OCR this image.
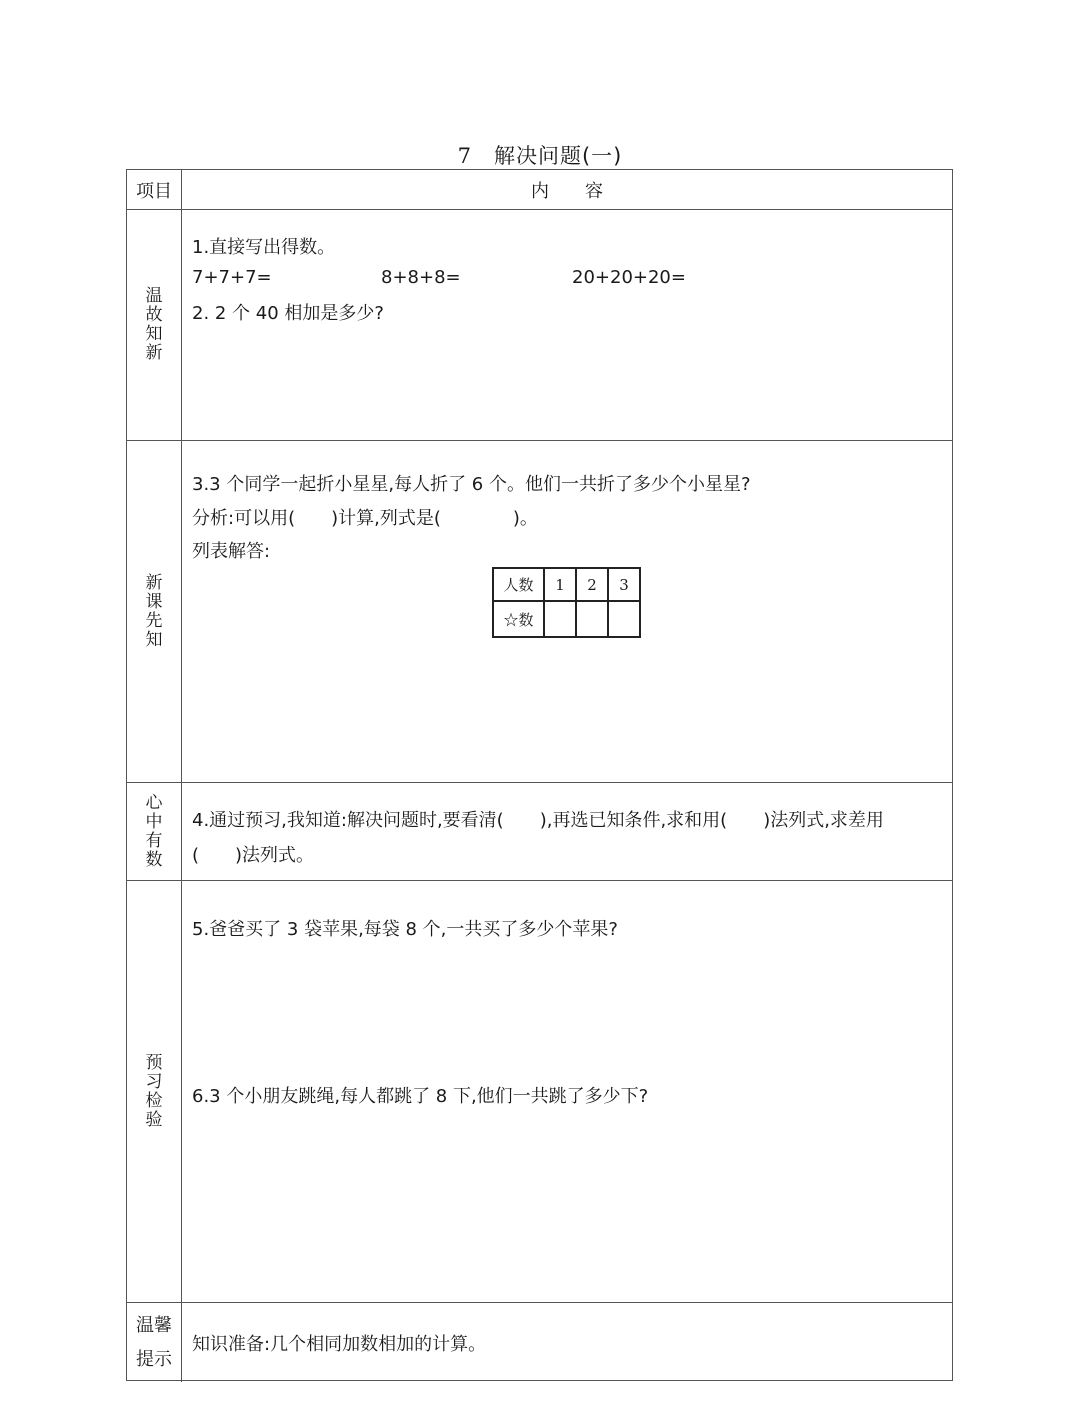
7 解决问题(一)
项目	内　　容
温故知新
1.直接写出得数。
7+7+7=	8+8+8=	20+20+20=
2. 2 个 40 相加是多少?
新课先知
3.3 个同学一起折小星星,每人折了 6 个。他们一共折了多少个小星星?
分析:可以用(　　)计算,列式是(　　　　)。
列表解答:
人数	1	2	3
☆数			
心中有数
4.通过预习,我知道:解决问题时,要看清(　　),再选已知条件,求和用(　　)法列式,求差用
(　　)法列式。
预习检验
5.爸爸买了 3 袋苹果,每袋 8 个,一共买了多少个苹果?
6.3 个小朋友跳绳,每人都跳了 8 下,他们一共跳了多少下?
温馨提示
知识准备:几个相同加数相加的计算。
